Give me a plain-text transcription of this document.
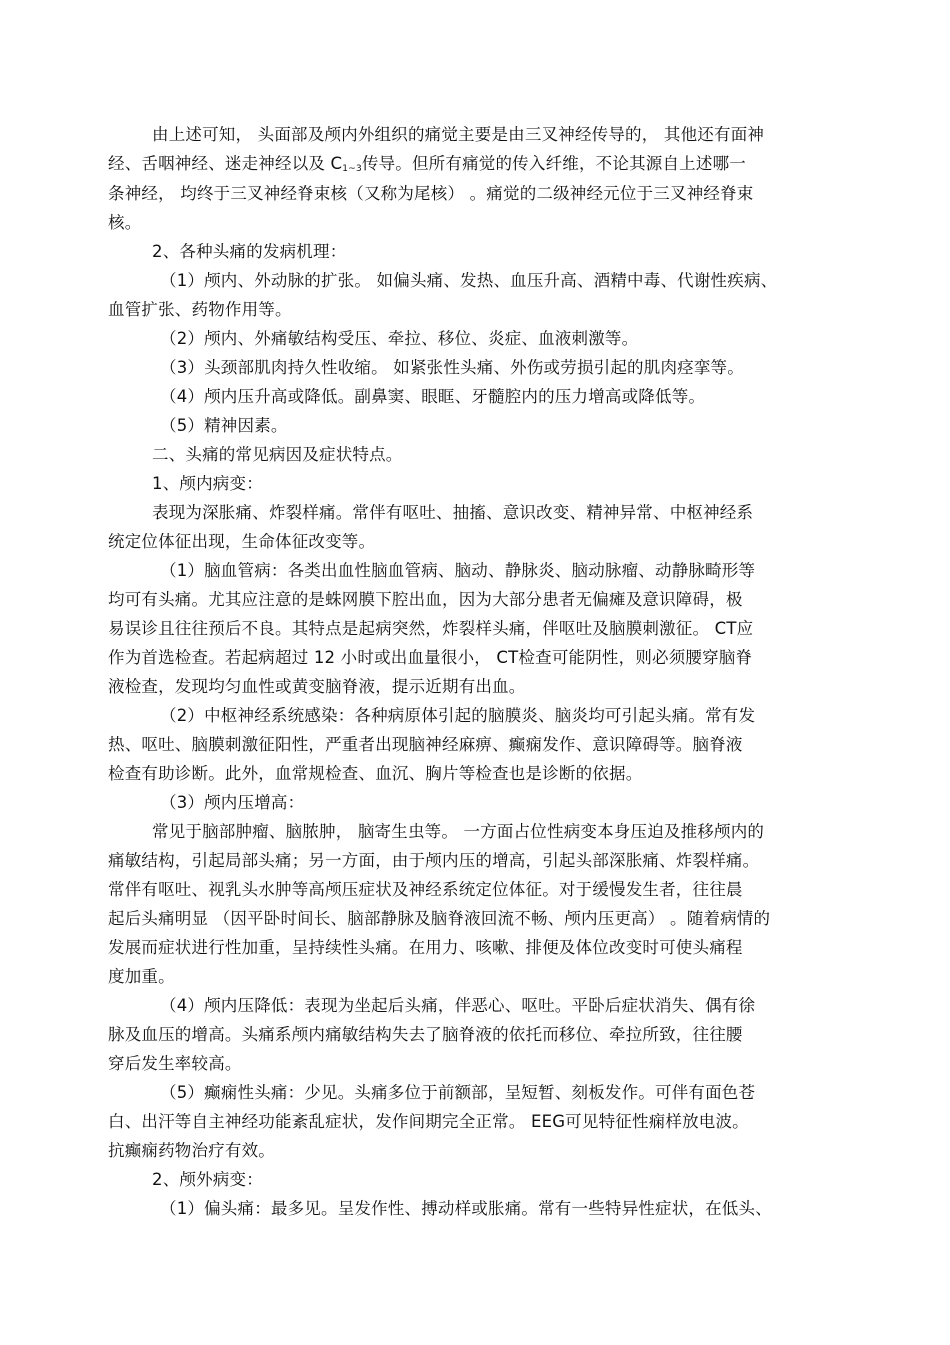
由上述可知， 头面部及颅内外组织的痛觉主要是由三叉神经传导的， 其他还有面神
经、舌咽神经、迷走神经以及 $C_{1\sim 3}$传导。但所有痛觉的传入纤维，不论其源自上述哪一
条神经， 均终于三叉神经脊束核（又称为尾核） 。痛觉的二级神经元位于三叉神经脊束
核。
2、各种头痛的发病机理：
（1）颅内、外动脉的扩张。 如偏头痛、发热、血压升高、酒精中毒、代谢性疾病、
血管扩张、药物作用等。
（2）颅内、外痛敏结构受压、牵拉、移位、炎症、血液刺激等。
（3）头颈部肌肉持久性收缩。 如紧张性头痛、外伤或劳损引起的肌肉痉挛等。
（4）颅内压升高或降低。副鼻窦、眼眶、牙髓腔内的压力增高或降低等。
（5）精神因素。
二、头痛的常见病因及症状特点。
1、颅内病变：
表现为深胀痛、炸裂样痛。常伴有呕吐、抽搐、意识改变、精神异常、中枢神经系
统定位体征出现，生命体征改变等。
（1）脑血管病：各类出血性脑血管病、脑动、静脉炎、脑动脉瘤、动静脉畸形等
均可有头痛。尤其应注意的是蛛网膜下腔出血，因为大部分患者无偏瘫及意识障碍，极
易误诊且往往预后不良。其特点是起病突然，炸裂样头痛，伴呕吐及脑膜刺激征。 CT应
作为首选检查。若起病超过 12 小时或出血量很小， CT检查可能阴性，则必须腰穿脑脊
液检查，发现均匀血性或黄变脑脊液，提示近期有出血。
（2）中枢神经系统感染：各种病原体引起的脑膜炎、脑炎均可引起头痛。常有发
热、呕吐、脑膜刺激征阳性，严重者出现脑神经麻痹、癫痫发作、意识障碍等。脑脊液
检查有助诊断。此外，血常规检查、血沉、胸片等检查也是诊断的依据。
（3）颅内压增高：
常见于脑部肿瘤、脑脓肿， 脑寄生虫等。 一方面占位性病变本身压迫及推移颅内的
痛敏结构，引起局部头痛；另一方面，由于颅内压的增高，引起头部深胀痛、炸裂样痛。
常伴有呕吐、视乳头水肿等高颅压症状及神经系统定位体征。对于缓慢发生者，往往晨
起后头痛明显 （因平卧时间长、脑部静脉及脑脊液回流不畅、颅内压更高） 。随着病情的
发展而症状进行性加重，呈持续性头痛。在用力、咳嗽、排便及体位改变时可使头痛程
度加重。
（4）颅内压降低：表现为坐起后头痛，伴恶心、呕吐。平卧后症状消失、偶有徐
脉及血压的增高。头痛系颅内痛敏结构失去了脑脊液的依托而移位、牵拉所致，往往腰
穿后发生率较高。
（5）癫痫性头痛：少见。头痛多位于前额部，呈短暂、刻板发作。可伴有面色苍
白、出汗等自主神经功能紊乱症状，发作间期完全正常。 EEG可见特征性痫样放电波。
抗癫痫药物治疗有效。
2、颅外病变：
（1）偏头痛：最多见。呈发作性、搏动样或胀痛。常有一些特异性症状，在低头、
